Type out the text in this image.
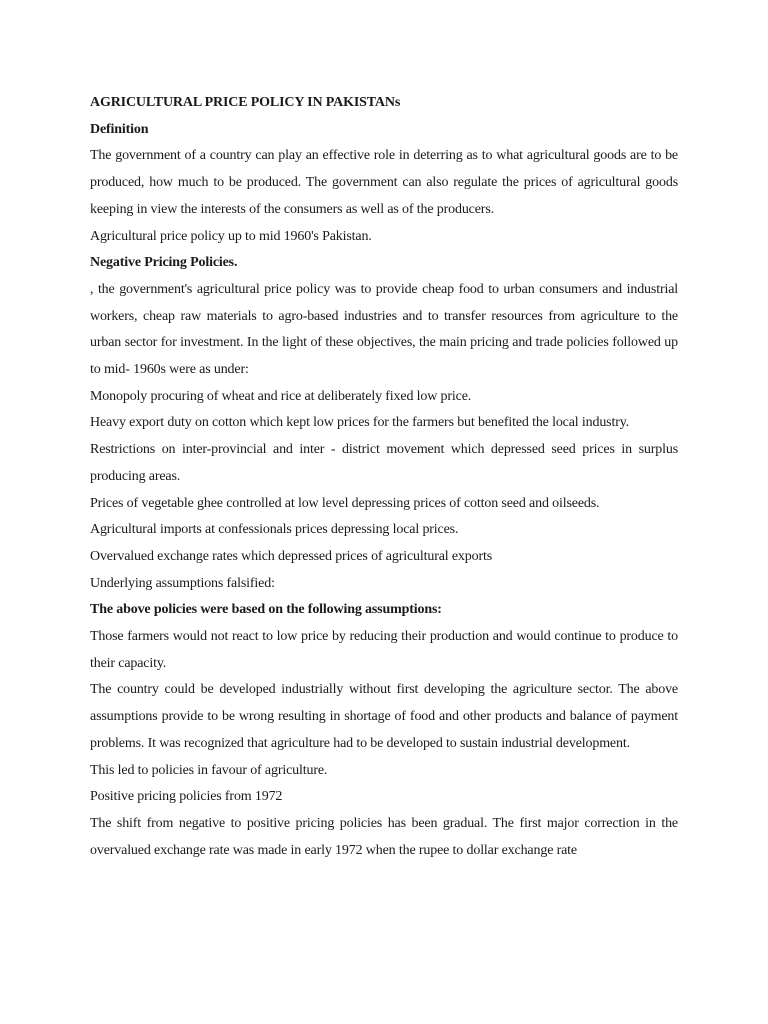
AGRICULTURAL PRICE POLICY IN PAKISTANs

Definition

The government of a country can play an effective role in deterring as to what agricultural goods are to be produced, how much to be produced. The government can also regulate the prices of agricultural goods keeping in view the interests of the consumers as well as of the producers.

Agricultural price policy up to mid 1960's Pakistan.

Negative Pricing Policies.

, the government's agricultural price policy was to provide cheap food to urban consumers and industrial workers, cheap raw materials to agro-based industries and to transfer resources from agriculture to the urban sector for investment. In the light of these objectives, the main pricing and trade policies followed up to mid- 1960s were as under:

Monopoly procuring of wheat and rice at deliberately fixed low price.

Heavy export duty on cotton which kept low prices for the farmers but benefited the local industry.

Restrictions on inter-provincial and inter - district movement which depressed seed prices in surplus producing areas.

Prices of vegetable ghee controlled at low level depressing prices of cotton seed and oilseeds.

Agricultural imports at confessionals prices depressing local prices.

Overvalued exchange rates which depressed prices of agricultural exports

Underlying assumptions falsified:

The above policies were based on the following assumptions:

Those farmers would not react to low price by reducing their production and would continue to produce to their capacity.

The country could be developed industrially without first developing the agriculture sector. The above assumptions provide to be wrong resulting in shortage of food and other products and balance of payment problems. It was recognized that agriculture had to be developed to sustain industrial development.

This led to policies in favour of agriculture.

Positive pricing policies from 1972

The shift from negative to positive pricing policies has been gradual. The first major correction in the overvalued exchange rate was made in early 1972 when the rupee to dollar exchange rate
